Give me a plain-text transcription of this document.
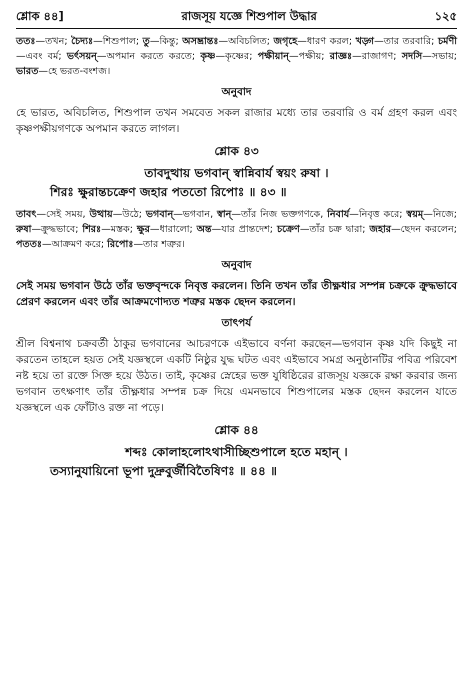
শ্লোক ৪৪]	রাজসূয় যজ্ঞে শিশুপাল উদ্ধার	১২৫

ততঃ—তখন; চৈদ্যঃ—শিশুপাল; তু—কিন্তু; অসম্ভ্রান্তঃ—অবিচলিত; জগৃহে—ধারণ করল; খড়্গ—তার তরবারি; চর্মণী—এবং বর্ম; ভর্ৎসয়ন্—অপমান করতে করতে; কৃষ্ণ—কৃষ্ণের; পক্ষীয়ান্—পক্ষীয়; রাজ্ঞঃ—রাজাগণ; সদসি—সভায়; ভারত—হে ভরত-বংশজ।

অনুবাদ

হে ভারত, অবিচলিত, শিশুপাল তখন সমবেত সকল রাজার মধ্যে তার তরবারি ও বর্ম গ্রহণ করল এবং কৃষ্ণপক্ষীয়গণকে অপমান করতে লাগল।

শ্লোক ৪৩
তাবদুত্থায় ভগবান্ স্বান্নিবার্য স্বয়ং রুষা ।
শিরঃ ক্ষুরান্তচক্রেণ জহার পততো রিপোঃ ॥ ৪৩ ॥

তাবৎ—সেই সময়, উত্থায়—উঠে; ভগবান্—ভগবান, স্বান্—তাঁর নিজ ভক্তগণকে, নিবার্য—নিবৃত্ত করে; স্বয়ম্—নিজে; রুষা—ক্রুদ্ধভাবে; শিরঃ—মস্তক; ক্ষুর—ধারালো; অন্ত—যার প্রান্তদেশ; চক্রেণ—তাঁর চক্র দ্বারা; জহার—ছেদন করলেন; পততঃ—আক্রমণ করে; রিপোঃ—তার শত্রুর।

অনুবাদ

সেই সময় ভগবান উঠে তাঁর ভক্তবৃন্দকে নিবৃত্ত করলেন। তিনি তখন তাঁর তীক্ষ্ণধার সম্পন্ন চক্রকে ক্রুদ্ধভাবে প্রেরণ করলেন এবং তাঁর আক্রমণোদ্যত শত্রুর মস্তক ছেদন করলেন।

তাৎপর্য

শ্রীল বিশ্বনাথ চক্রবর্তী ঠাকুর ভগবানের আচরণকে এইভাবে বর্ণনা করছেন—ভগবান কৃষ্ণ যদি কিছুই না করতেন তাহলে হয়ত সেই যজ্ঞস্থলে একটি নিষ্ঠুর যুদ্ধ ঘটত এবং এইভাবে সমগ্র অনুষ্ঠানটির পবিত্র পরিবেশ নষ্ট হয়ে তা রক্তে সিক্ত হয়ে উঠত। তাই, কৃষ্ণের স্নেহের ভক্ত যুধিষ্ঠিরের রাজসূয় যজ্ঞকে রক্ষা করবার জন্য ভগবান তৎক্ষণাৎ তাঁর তীক্ষ্ণধার সম্পন্ন চক্র দিয়ে এমনভাবে শিশুপালের মস্তক ছেদন করলেন যাতে যজ্ঞস্থলে এক ফোঁটাও রক্ত না পড়ে।

শ্লোক ৪৪
শব্দঃ কোলাহলোঽথাসীচ্ছিশুপালে হতে মহান্ ।
তস্যানুযায়িনো ভূপা দুদ্রুবুর্জীবিতৈষিণঃ ॥ ৪৪ ॥
